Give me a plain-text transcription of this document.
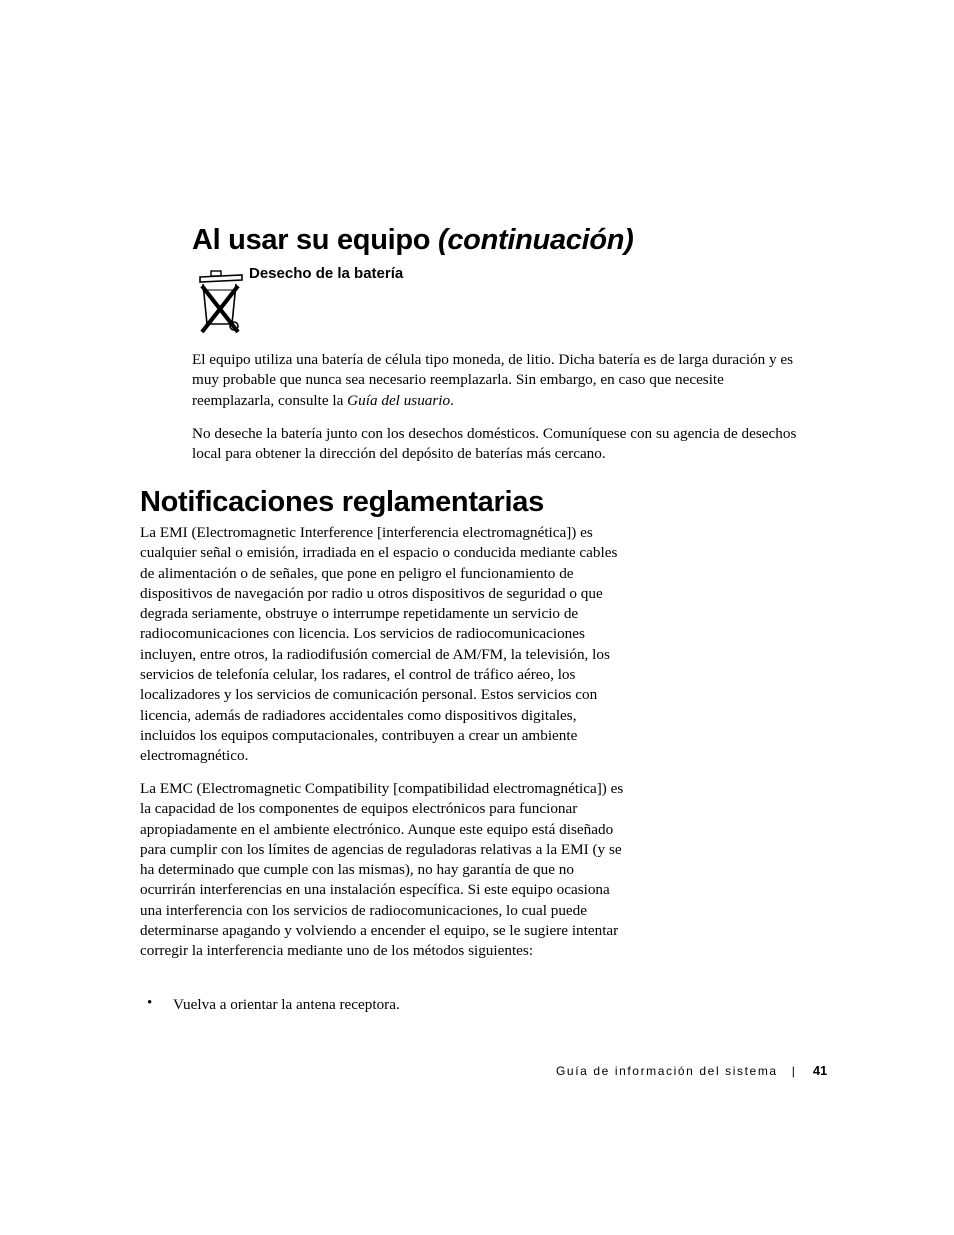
Al usar su equipo (continuación)
Desecho de la batería

El equipo utiliza una batería de célula tipo moneda, de litio. Dicha batería es de larga duración y es muy probable que nunca sea necesario reemplazarla. Sin embargo, en caso que necesite reemplazarla, consulte la Guía del usuario.

No deseche la batería junto con los desechos domésticos. Comuníquese con su agencia de desechos local para obtener la dirección del depósito de baterías más cercano.

Notificaciones reglamentarias

La EMI (Electromagnetic Interference [interferencia electromagnética]) es cualquier señal o emisión, irradiada en el espacio o conducida mediante cables de alimentación o de señales, que pone en peligro el funcionamiento de dispositivos de navegación por radio u otros dispositivos de seguridad o que degrada seriamente, obstruye o interrumpe repetidamente un servicio de radiocomunicaciones con licencia. Los servicios de radiocomunicaciones incluyen, entre otros, la radiodifusión comercial de AM/FM, la televisión, los servicios de telefonía celular, los radares, el control de tráfico aéreo, los localizadores y los servicios de comunicación personal. Estos servicios con licencia, además de radiadores accidentales como dispositivos digitales, incluidos los equipos computacionales, contribuyen a crear un ambiente electromagnético.

La EMC (Electromagnetic Compatibility [compatibilidad electromagnética]) es la capacidad de los componentes de equipos electrónicos para funcionar apropiadamente en el ambiente electrónico. Aunque este equipo está diseñado para cumplir con los límites de agencias de reguladoras relativas a la EMI (y se ha determinado que cumple con las mismas), no hay garantía de que no ocurrirán interferencias en una instalación específica. Si este equipo ocasiona una interferencia con los servicios de radiocomunicaciones, lo cual puede determinarse apagando y volviendo a encender el equipo, se le sugiere intentar corregir la interferencia mediante uno de los métodos siguientes:

• Vuelva a orientar la antena receptora.
Guía de información del sistema | 41
